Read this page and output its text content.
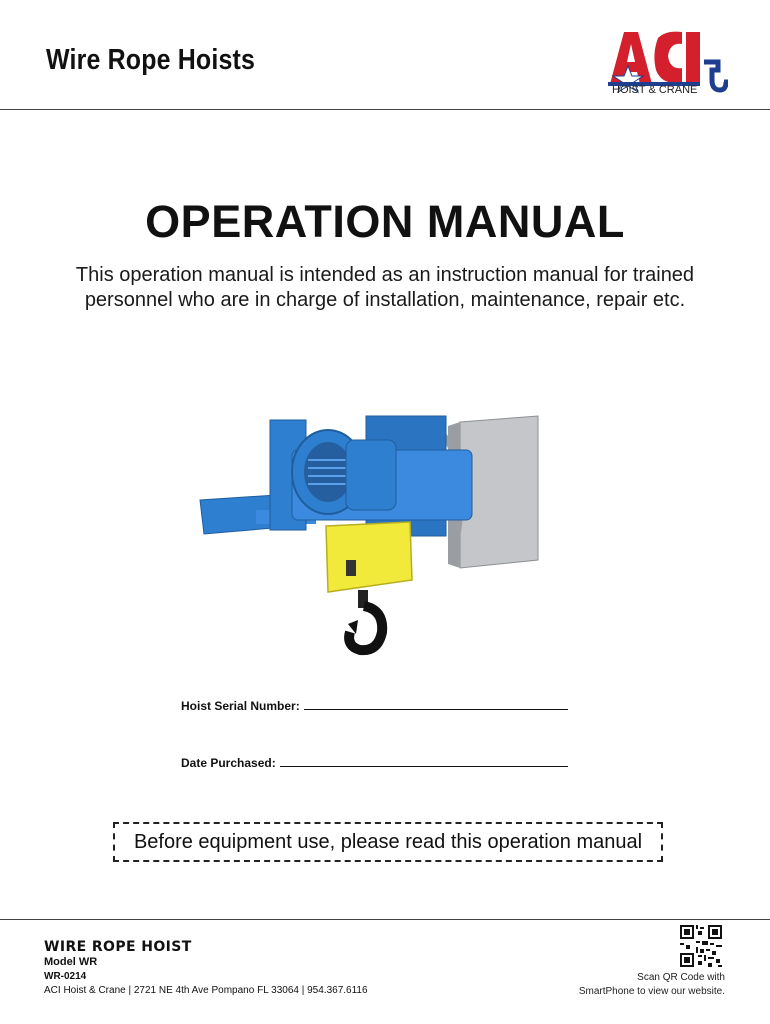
Wire Rope Hoists
HOIST & CRANE
OPERATION MANUAL
This operation manual is intended as an instruction manual for trained personnel who are in charge of installation, maintenance, repair etc.
Hoist Serial Number:
Date Purchased:
Before equipment use, please read this operation manual
WIRE ROPE HOIST
Model WR
WR-0214
ACI Hoist & Crane | 2721 NE 4th Ave Pompano FL 33064 | 954.367.6116
Scan QR Code with
SmartPhone to view our website.
